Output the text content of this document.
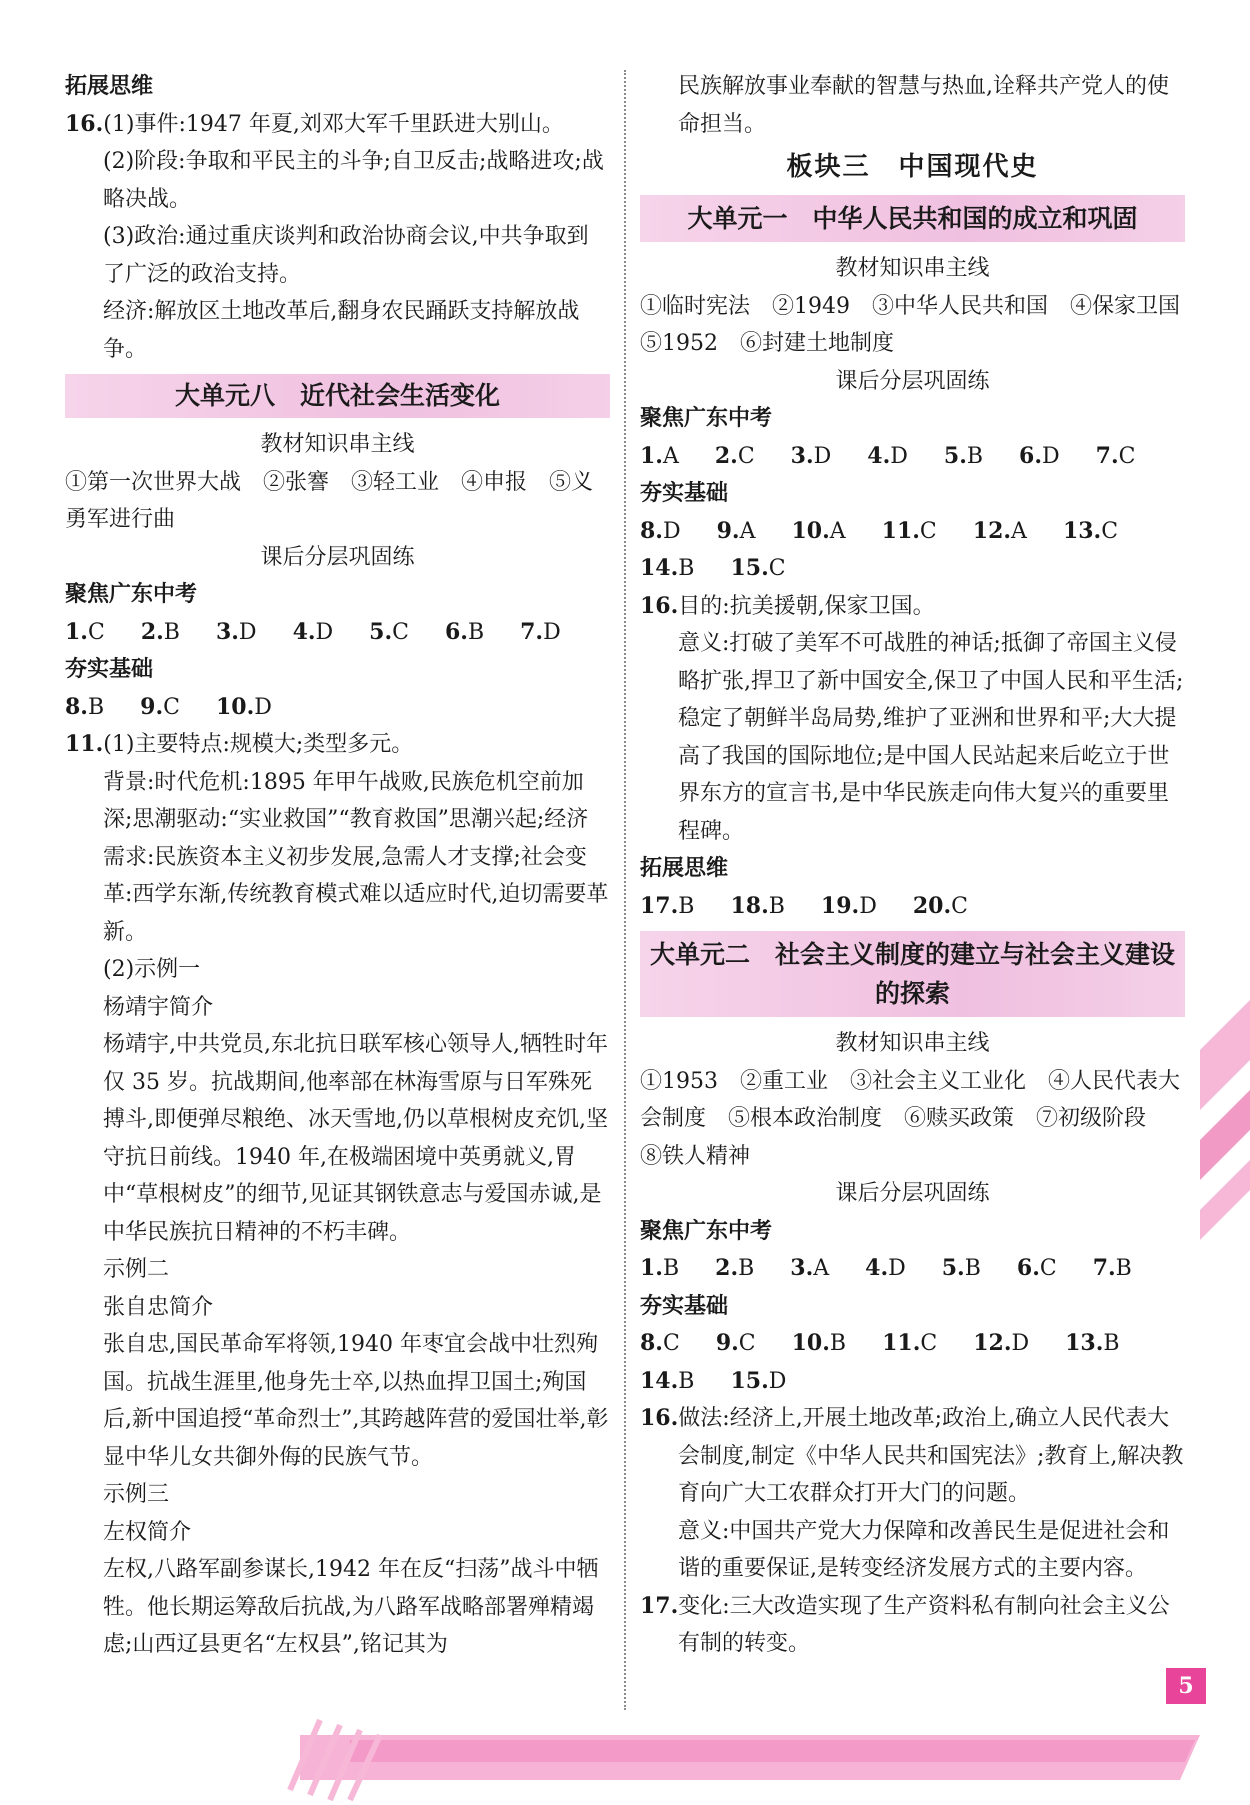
拓展思维

16.(1)事件:1947 年夏,刘邓大军千里跃进大别山。

(2)阶段:争取和平民主的斗争;自卫反击;战略进攻;战略决战。

(3)政治:通过重庆谈判和政治协商会议,中共争取到了广泛的政治支持。

经济:解放区土地改革后,翻身农民踊跃支持解放战争。

大单元八　近代社会生活变化

教材知识串主线

①第一次世界大战　②张謇　③轻工业　④申报　⑤义勇军进行曲

课后分层巩固练

聚焦广东中考

1.C	2.B	3.D	4.D	5.C	6.B	7.D

夯实基础

8.B	9.C	10.D

11.(1)主要特点:规模大;类型多元。

背景:时代危机:1895 年甲午战败,民族危机空前加深;思潮驱动:“实业救国”“教育救国”思潮兴起;经济需求:民族资本主义初步发展,急需人才支撑;社会变革:西学东渐,传统教育模式难以适应时代,迫切需要革新。

(2)示例一

杨靖宇简介

杨靖宇,中共党员,东北抗日联军核心领导人,牺牲时年仅 35 岁。抗战期间,他率部在林海雪原与日军殊死搏斗,即便弹尽粮绝、冰天雪地,仍以草根树皮充饥,坚守抗日前线。1940 年,在极端困境中英勇就义,胃中“草根树皮”的细节,见证其钢铁意志与爱国赤诚,是中华民族抗日精神的不朽丰碑。

示例二

张自忠简介

张自忠,国民革命军将领,1940 年枣宜会战中壮烈殉国。抗战生涯里,他身先士卒,以热血捍卫国土;殉国后,新中国追授“革命烈士”,其跨越阵营的爱国壮举,彰显中华儿女共御外侮的民族气节。

示例三

左权简介

左权,八路军副参谋长,1942 年在反“扫荡”战斗中牺牲。他长期运筹敌后抗战,为八路军战略部署殚精竭虑;山西辽县更名“左权县”,铭记其为

民族解放事业奉献的智慧与热血,诠释共产党人的使命担当。

板块三　中国现代史
大单元一　中华人民共和国的成立和巩固

教材知识串主线

①临时宪法　②1949　③中华人民共和国　④保家卫国　⑤1952　⑥封建土地制度

课后分层巩固练

聚焦广东中考

1.A	2.C	3.D	4.D	5.B	6.D	7.C

夯实基础

8.D	9.A	10.A	11.C	12.A	13.C
14.B	15.C

16.目的:抗美援朝,保家卫国。

意义:打破了美军不可战胜的神话;抵御了帝国主义侵略扩张,捍卫了新中国安全,保卫了中国人民和平生活;稳定了朝鲜半岛局势,维护了亚洲和世界和平;大大提高了我国的国际地位;是中国人民站起来后屹立于世界东方的宣言书,是中华民族走向伟大复兴的重要里程碑。

拓展思维

17.B	18.B	19.D	20.C
大单元二　社会主义制度的建立与社会主义建设的探索

教材知识串主线

①1953　②重工业　③社会主义工业化　④人民代表大会制度　⑤根本政治制度　⑥赎买政策　⑦初级阶段　⑧铁人精神

课后分层巩固练

聚焦广东中考

1.B	2.B	3.A	4.D	5.B	6.C	7.B

夯实基础

8.C	9.C	10.B	11.C	12.D	13.B
14.B	15.D

16.做法:经济上,开展土地改革;政治上,确立人民代表大会制度,制定《中华人民共和国宪法》;教育上,解决教育向广大工农群众打开大门的问题。

意义:中国共产党大力保障和改善民生是促进社会和谐的重要保证,是转变经济发展方式的主要内容。

17.变化:三大改造实现了生产资料私有制向社会主义公有制的转变。

5
